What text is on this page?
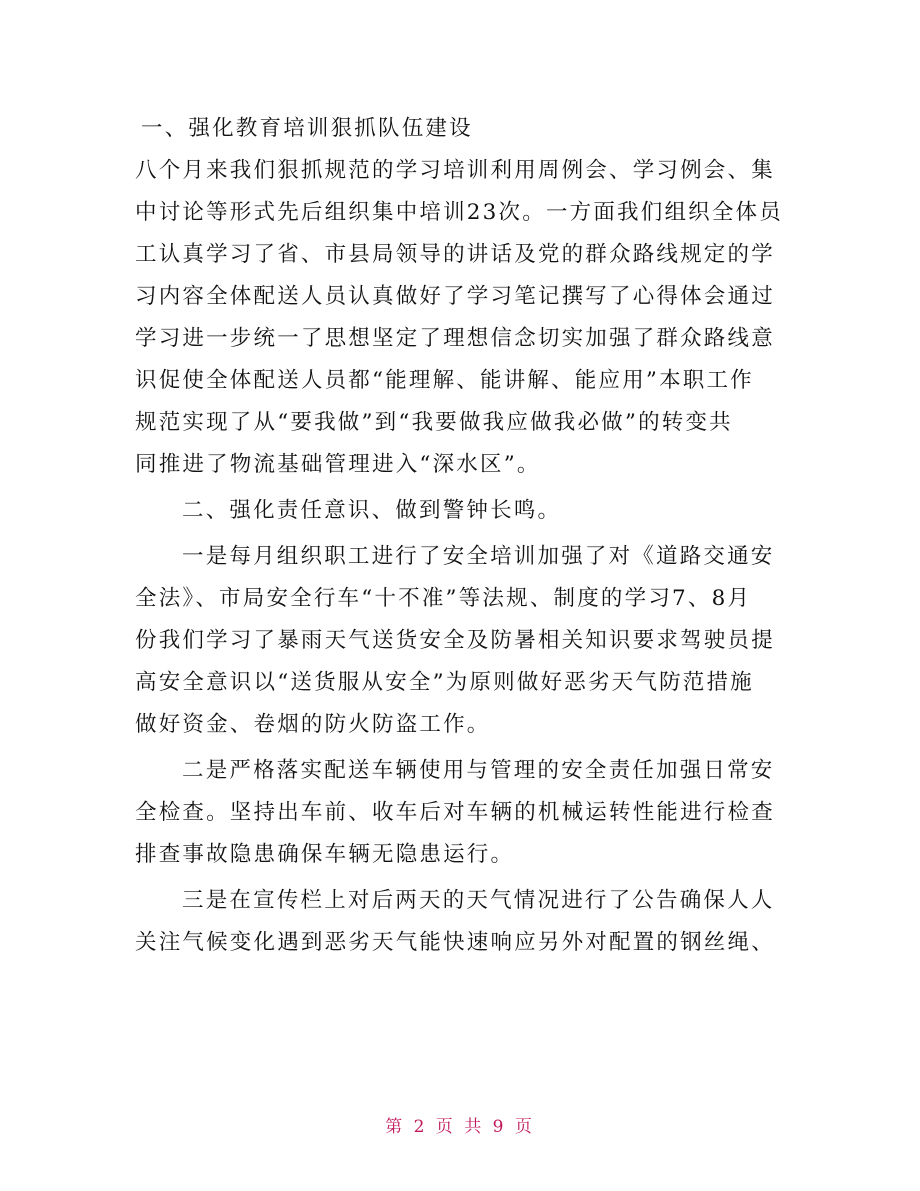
一、强化教育培训狠抓队伍建设

八个月来我们狠抓规范的学习培训利用周例会、学习例会、集

中讨论等形式先后组织集中培训23次。一方面我们组织全体员

工认真学习了省、市县局领导的讲话及党的群众路线规定的学

习内容全体配送人员认真做好了学习笔记撰写了心得体会通过

学习进一步统一了思想坚定了理想信念切实加强了群众路线意

识促使全体配送人员都“能理解、能讲解、能应用”本职工作

规范实现了从“要我做”到“我要做我应做我必做”的转变共

同推进了物流基础管理进入“深水区”。

二、强化责任意识、做到警钟长鸣。

一是每月组织职工进行了安全培训加强了对《道路交通安

全法》、市局安全行车“十不准”等法规、制度的学习7、8月

份我们学习了暴雨天气送货安全及防暑相关知识要求驾驶员提

高安全意识以“送货服从安全”为原则做好恶劣天气防范措施

做好资金、卷烟的防火防盗工作。

二是严格落实配送车辆使用与管理的安全责任加强日常安

全检查。坚持出车前、收车后对车辆的机械运转性能进行检查

排查事故隐患确保车辆无隐患运行。

三是在宣传栏上对后两天的天气情况进行了公告确保人人

关注气候变化遇到恶劣天气能快速响应另外对配置的钢丝绳、

第 2 页 共 9 页
